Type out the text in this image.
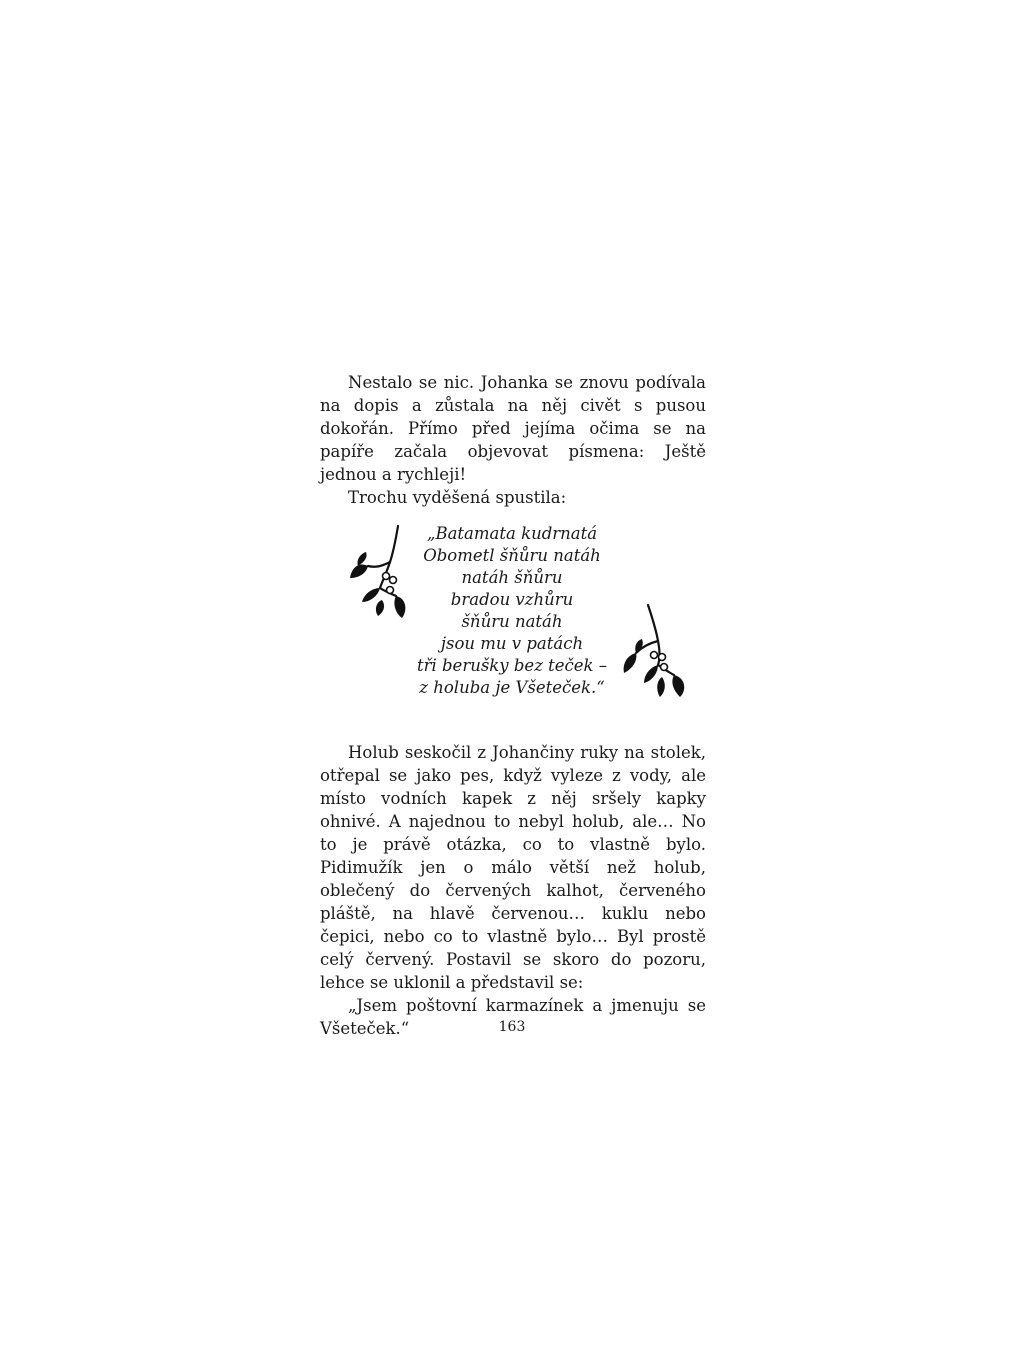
Nestalo se nic. Johanka se znovu podívala na dopis a zůstala na něj civět s pusou dokořán. Přímo před jejíma očima se na papíře začala objevovat písmena: Ještě jednou a rychleji!

Trochu vyděšená spustila:

„Batamata kudrnatá
Obometl šňůru natáh
natáh šňůru
bradou vzhůru
šňůru natáh
jsou mu v patách
tři berušky bez teček –
z holuba je Všeteček.“

Holub seskočil z Johančiny ruky na stolek, otřepal se jako pes, když vyleze z vody, ale místo vodních kapek z něj sršely kapky ohnivé. A najednou to nebyl holub, ale… No to je právě otázka, co to vlastně bylo. Pidimužík jen o málo větší než holub, oblečený do červených kalhot, červeného pláště, na hlavě červenou… kuklu nebo čepici, nebo co to vlastně bylo… Byl prostě celý červený. Postavil se skoro do pozoru, lehce se uklonil a představil se:

„Jsem poštovní karmazínek a jmenuju se Všeteček.“	163
